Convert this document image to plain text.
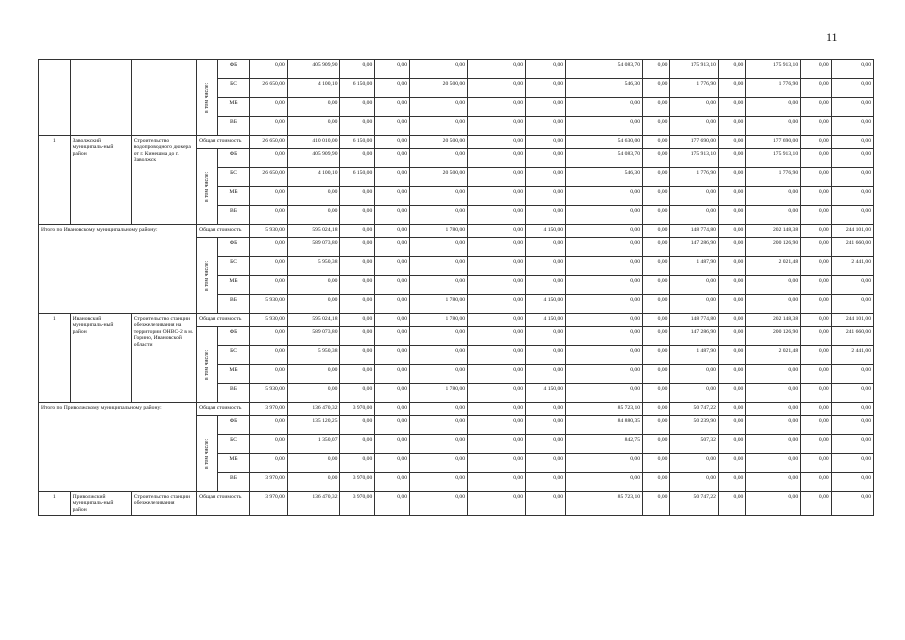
11

			в том числе:	ФБ	0,00	405 909,90	0,00	0,00	0,00	0,00	0,00	54 083,70	0,00	175 913,10	0,00	175 913,10	0,00	0,00
				БС	26 650,00	4 100,10	6 150,00	0,00	20 500,00	0,00	0,00	546,30	0,00	1 776,90	0,00	1 776,90	0,00	0,00
				МБ	0,00	0,00	0,00	0,00	0,00	0,00	0,00	0,00	0,00	0,00	0,00	0,00	0,00	0,00
				ВБ	0,00	0,00	0,00	0,00	0,00	0,00	0,00	0,00	0,00	0,00	0,00	0,00	0,00	0,00
1	Заволжский муниципаль-ный район	Строительство водопроводного дюкера от г. Кинешма до г. Заволжск	Общая стоимость		26 650,00	410 010,00	6 150,00	0,00	20 500,00	0,00	0,00	54 630,00	0,00	177 690,00	0,00	177 690,00	0,00	0,00

			в том числе:	ФБ	0,00	405 909,90	0,00	0,00	0,00	0,00	0,00	54 083,70	0,00	175 913,10	0,00	175 913,10	0,00	0,00
				БС	26 650,00	4 100,10	6 150,00	0,00	20 500,00	0,00	0,00	546,30	0,00	1 776,90	0,00	1 776,90	0,00	0,00
				МБ	0,00	0,00	0,00	0,00	0,00	0,00	0,00	0,00	0,00	0,00	0,00	0,00	0,00	0,00
				ВБ	0,00	0,00	0,00	0,00	0,00	0,00	0,00	0,00	0,00	0,00	0,00	0,00	0,00	0,00
Итого по Ивановскому муниципальному району:			Общая стоимость		5 930,00	595 024,18	0,00	0,00	1 780,00	0,00	4 150,00	0,00	0,00	148 774,80	0,00	202 148,38	0,00	244 101,00

			в том числе:	ФБ	0,00	589 073,80	0,00	0,00	0,00	0,00	0,00	0,00	0,00	147 286,90	0,00	200 126,90	0,00	241 660,00
				БС	0,00	5 950,38	0,00	0,00	0,00	0,00	0,00	0,00	0,00	1 487,90	0,00	2 021,48	0,00	2 441,00
				МБ	0,00	0,00	0,00	0,00	0,00	0,00	0,00	0,00	0,00	0,00	0,00	0,00	0,00	0,00
				ВБ	5 930,00	0,00	0,00	0,00	1 780,00	0,00	4 150,00	0,00	0,00	0,00	0,00	0,00	0,00	0,00
1	Ивановский муниципаль-ный район	Строительство станции обезжелезивания на территории ОНВС-2 в м. Горино, Ивановской области	Общая стоимость		5 930,00	595 024,18	0,00	0,00	1 780,00	0,00	4 150,00	0,00	0,00	148 774,80	0,00	202 148,38	0,00	244 101,00

			в том числе:	ФБ	0,00	589 073,80	0,00	0,00	0,00	0,00	0,00	0,00	0,00	147 286,90	0,00	200 126,90	0,00	241 660,00
				БС	0,00	5 950,38	0,00	0,00	0,00	0,00	0,00	0,00	0,00	1 487,90	0,00	2 021,48	0,00	2 441,00
				МБ	0,00	0,00	0,00	0,00	0,00	0,00	0,00	0,00	0,00	0,00	0,00	0,00	0,00	0,00
				ВБ	5 930,00	0,00	0,00	0,00	1 780,00	0,00	4 150,00	0,00	0,00	0,00	0,00	0,00	0,00	0,00
Итого по Приволжскому муниципальному району:			Общая стоимость		3 970,00	136 470,32	3 970,00	0,00	0,00	0,00	0,00	85 723,10	0,00	50 747,22	0,00	0,00	0,00	0,00

			в том числе:	ФБ	0,00	135 120,25	0,00	0,00	0,00	0,00	0,00	84 880,35	0,00	50 239,90	0,00	0,00	0,00	0,00
				БС	0,00	1 350,07	0,00	0,00	0,00	0,00	0,00	842,75	0,00	507,32	0,00	0,00	0,00	0,00
				МБ	0,00	0,00	0,00	0,00	0,00	0,00	0,00	0,00	0,00	0,00	0,00	0,00	0,00	0,00
				ВБ	3 970,00	0,00	3 970,00	0,00	0,00	0,00	0,00	0,00	0,00	0,00	0,00	0,00	0,00	0,00
1	Приволжский муниципаль-ный район	Строительство станции обезжелезивания	Общая стоимость		3 970,00	136 470,32	3 970,00	0,00	0,00	0,00	0,00	85 723,10	0,00	50 747,22	0,00	0,00	0,00	0,00
